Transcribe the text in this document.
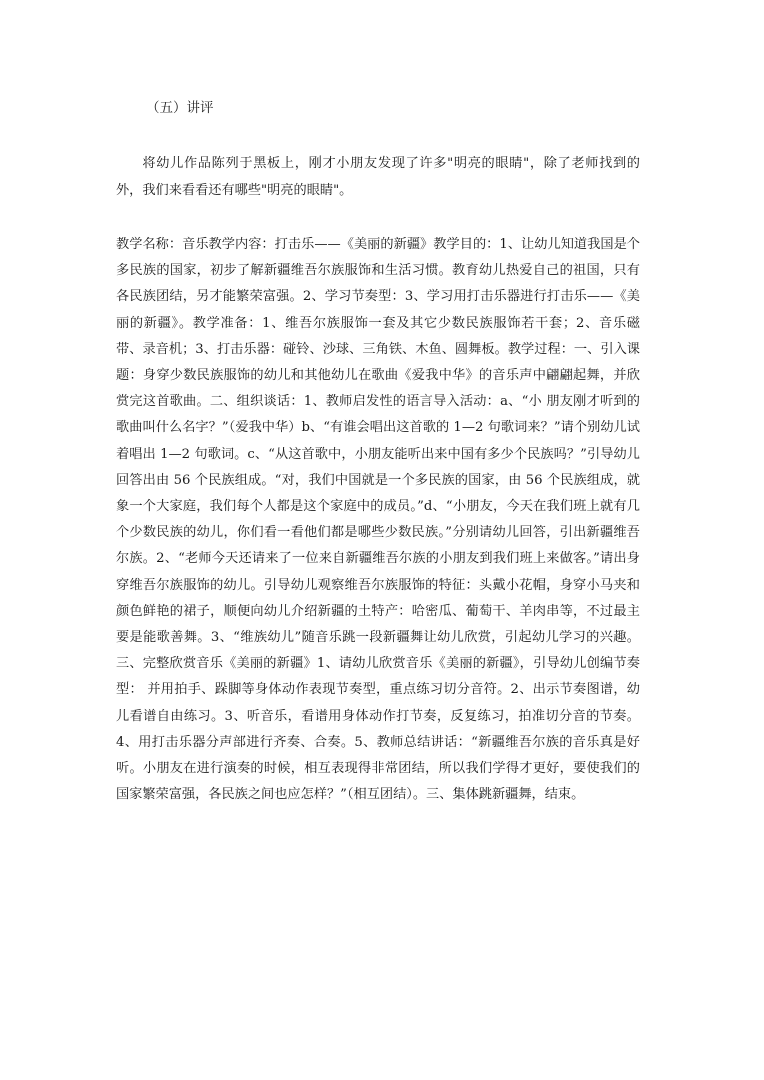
（五）讲评

将幼儿作品陈列于黑板上，刚才小朋友发现了许多"明亮的眼睛"，除了老师找到的外，我们来看看还有哪些"明亮的眼睛"。

教学名称：音乐教学内容：打击乐——《美丽的新疆》教学目的：1、让幼儿知道我国是个多民族的国家，初步了解新疆维吾尔族服饰和生活习惯。教育幼儿热爱自己的祖国，只有各民族团结，另才能繁荣富强。2、学习节奏型：3、学习用打击乐器进行打击乐——《美丽的新疆》。教学准备：1、维吾尔族服饰一套及其它少数民族服饰若干套；2、音乐磁带、录音机；3、打击乐器：碰铃、沙球、三角铁、木鱼、圆舞板。教学过程：一、引入课题：身穿少数民族服饰的幼儿和其他幼儿在歌曲《爱我中华》的音乐声中翩翩起舞，并欣赏完这首歌曲。二、组织谈话：1、教师启发性的语言导入活动：a、“小 朋友刚才听到的歌曲叫什么名字？”（爱我中华）b、“有谁会唱出这首歌的 1—2 句歌词来？”请个别幼儿试着唱出 1—2 句歌词。c、“从这首歌中，小朋友能听出来中国有多少个民族吗？”引导幼儿回答出由 56 个民族组成。“对，我们中国就是一个多民族的国家，由 56 个民族组成，就象一个大家庭，我们每个人都是这个家庭中的成员。”d、“小朋友，今天在我们班上就有几个少数民族的幼儿，你们看一看他们都是哪些少数民族。”分别请幼儿回答，引出新疆维吾尔族。2、“老师今天还请来了一位来自新疆维吾尔族的小朋友到我们班上来做客。”请出身穿维吾尔族服饰的幼儿。引导幼儿观察维吾尔族服饰的特征：头戴小花帽，身穿小马夹和颜色鲜艳的裙子，顺便向幼儿介绍新疆的土特产：哈密瓜、葡萄干、羊肉串等，不过最主要是能歌善舞。3、“维族幼儿”随音乐跳一段新疆舞让幼儿欣赏，引起幼儿学习的兴趣。三、完整欣赏音乐《美丽的新疆》1、请幼儿欣赏音乐《美丽的新疆》，引导幼儿创编节奏型： 并用拍手、跺脚等身体动作表现节奏型，重点练习切分音符。2、出示节奏图谱，幼儿看谱自由练习。3、听音乐，看谱用身体动作打节奏，反复练习，拍准切分音的节奏。4、用打击乐器分声部进行齐奏、合奏。5、教师总结讲话：“新疆维吾尔族的音乐真是好听。小朋友在进行演奏的时候，相互表现得非常团结，所以我们学得才更好，要使我们的国家繁荣富强，各民族之间也应怎样？”（相互团结）。三、集体跳新疆舞，结束。
